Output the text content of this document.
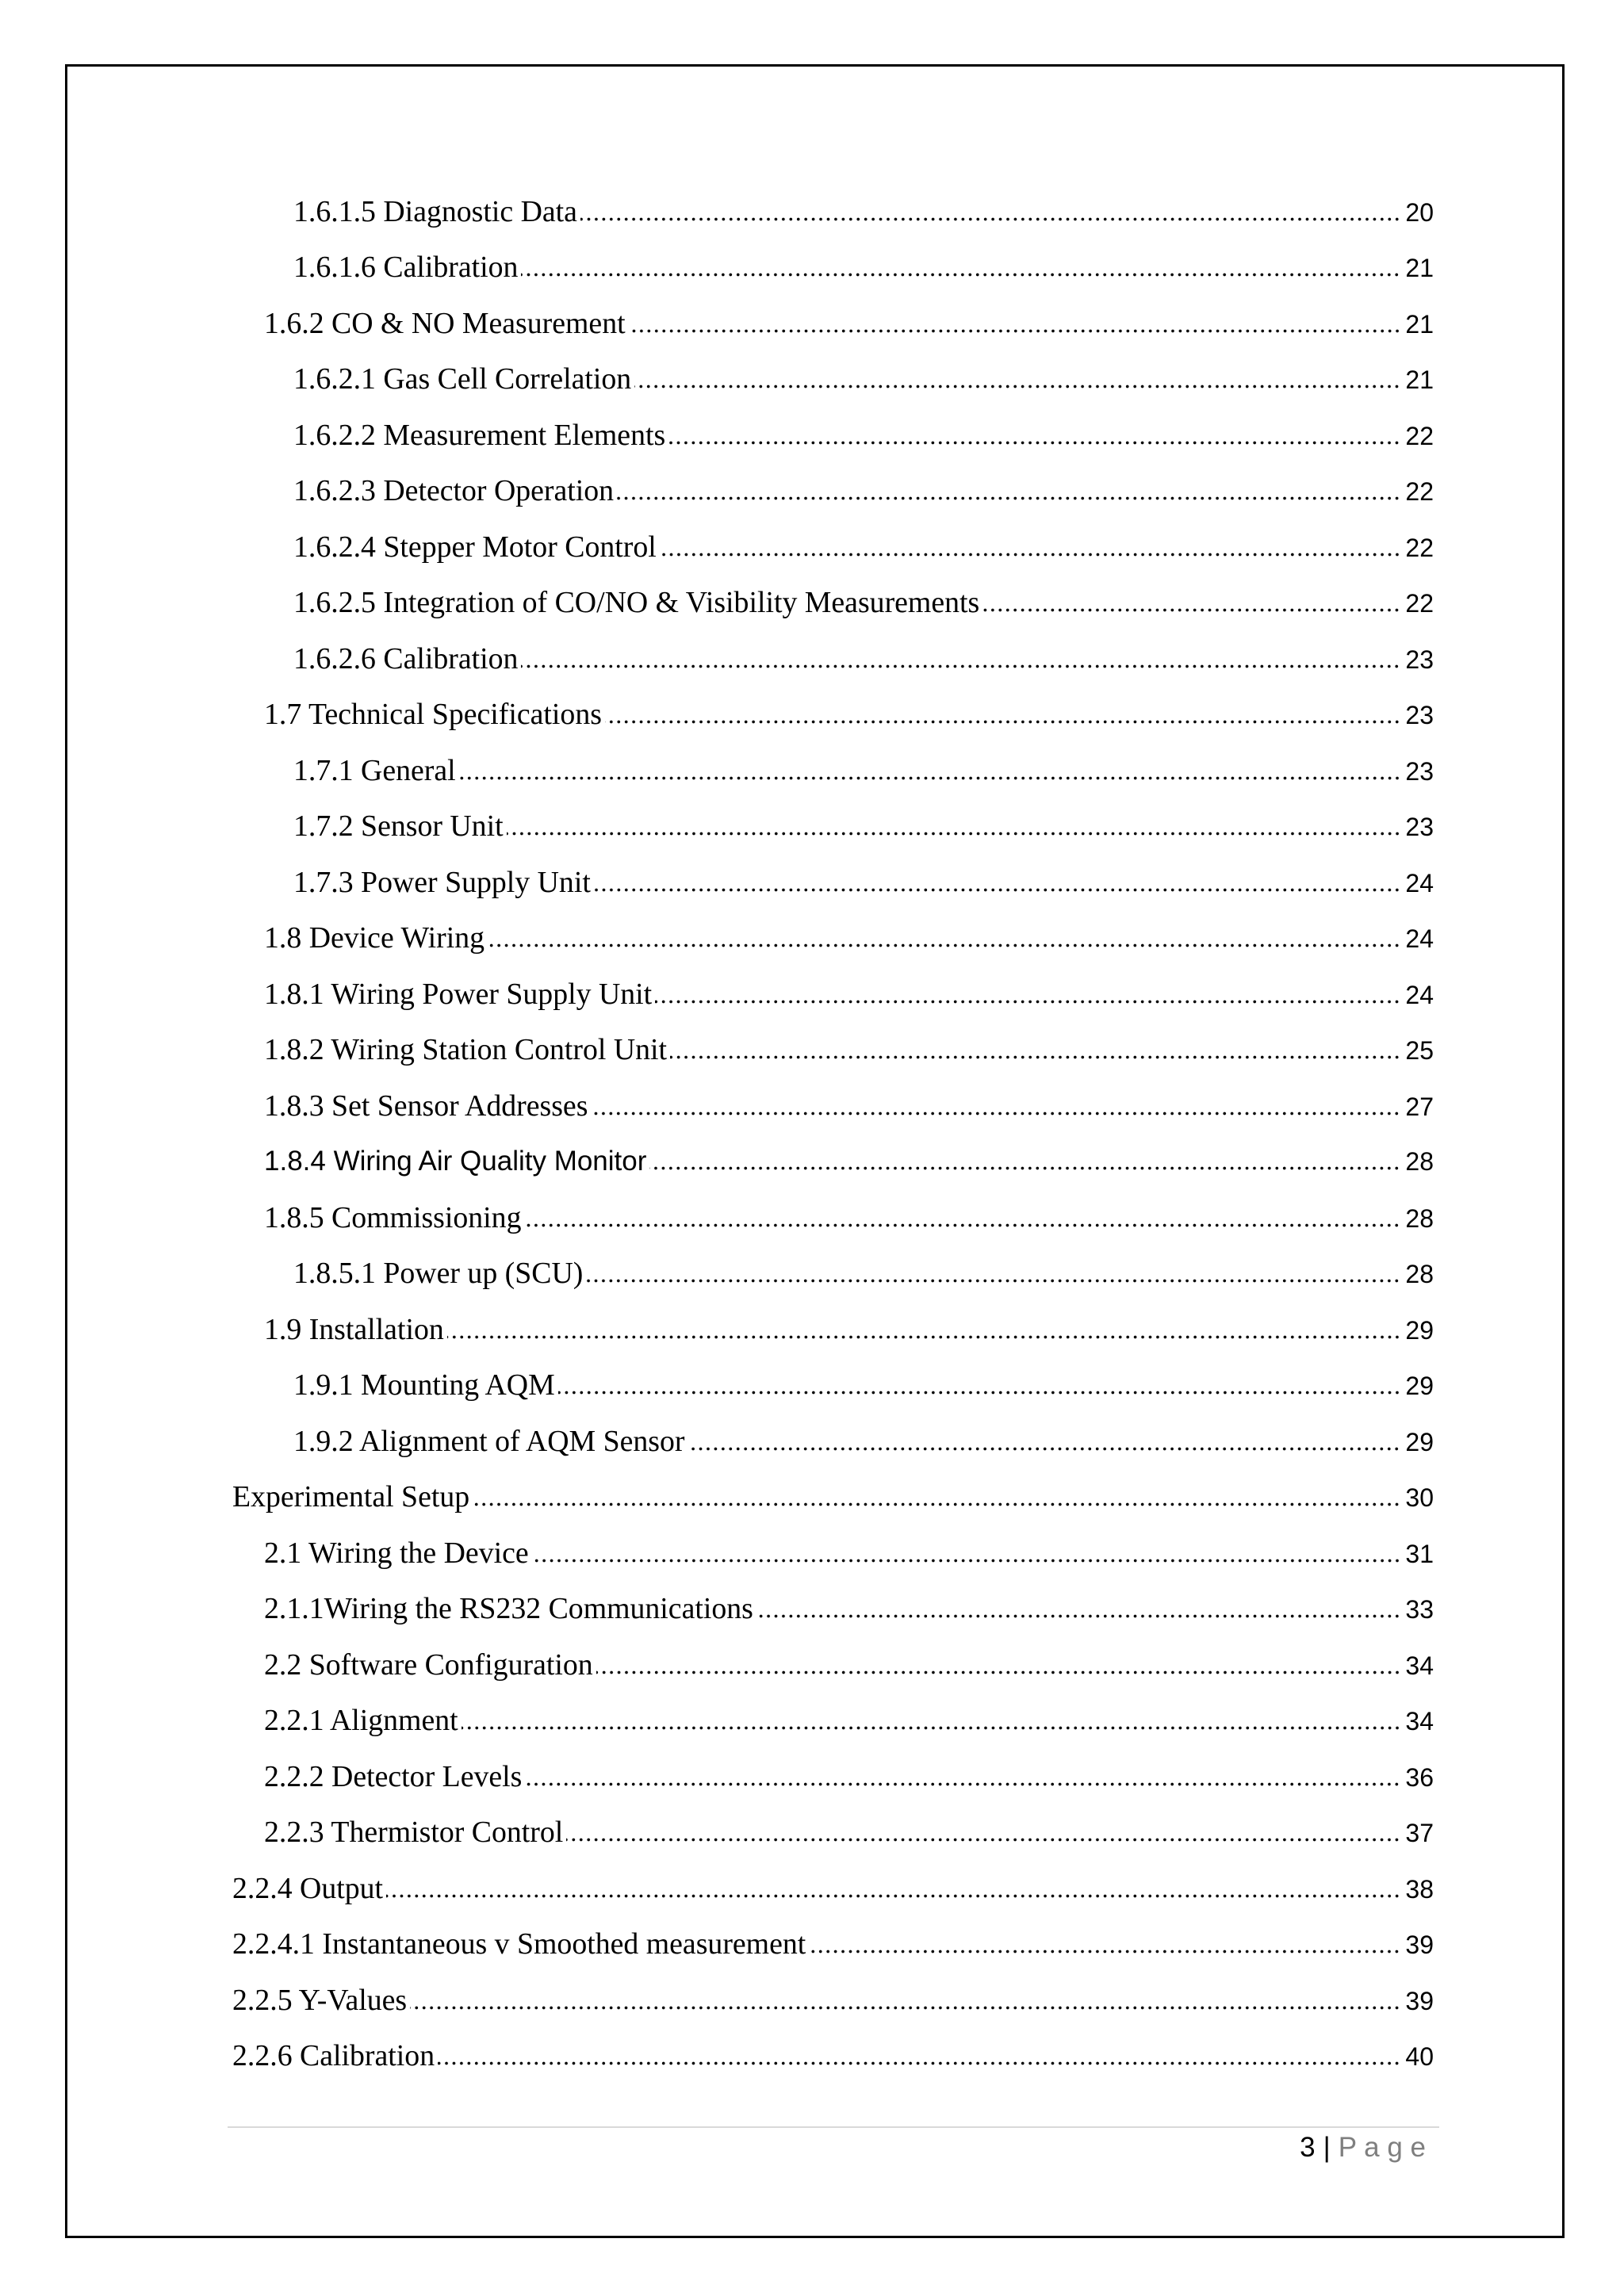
1.6.1.5 Diagnostic Data	20
1.6.1.6 Calibration	21
1.6.2 CO & NO Measurement	21
1.6.2.1 Gas Cell Correlation	21
1.6.2.2 Measurement Elements	22
1.6.2.3 Detector Operation	22
1.6.2.4 Stepper Motor Control	22
1.6.2.5 Integration of CO/NO & Visibility Measurements	22
1.6.2.6 Calibration	23
1.7 Technical Specifications	23
1.7.1 General	23
1.7.2 Sensor Unit	23
1.7.3 Power Supply Unit	24
1.8 Device Wiring	24
1.8.1 Wiring Power Supply Unit	24
1.8.2 Wiring Station Control Unit	25
1.8.3 Set Sensor Addresses	27
1.8.4 Wiring Air Quality Monitor	28
1.8.5 Commissioning	28
1.8.5.1 Power up (SCU)	28
1.9 Installation	29
1.9.1 Mounting AQM	29
1.9.2 Alignment of AQM Sensor	29
Experimental Setup	30
2.1 Wiring the Device	31
2.1.1Wiring the RS232 Communications	33
2.2 Software Configuration	34
2.2.1 Alignment	34
2.2.2 Detector Levels	36
2.2.3 Thermistor Control	37
2.2.4 Output	38
2.2.4.1 Instantaneous v Smoothed measurement	39
2.2.5 Y-Values	39
2.2.6 Calibration	40
3 | P a g e
